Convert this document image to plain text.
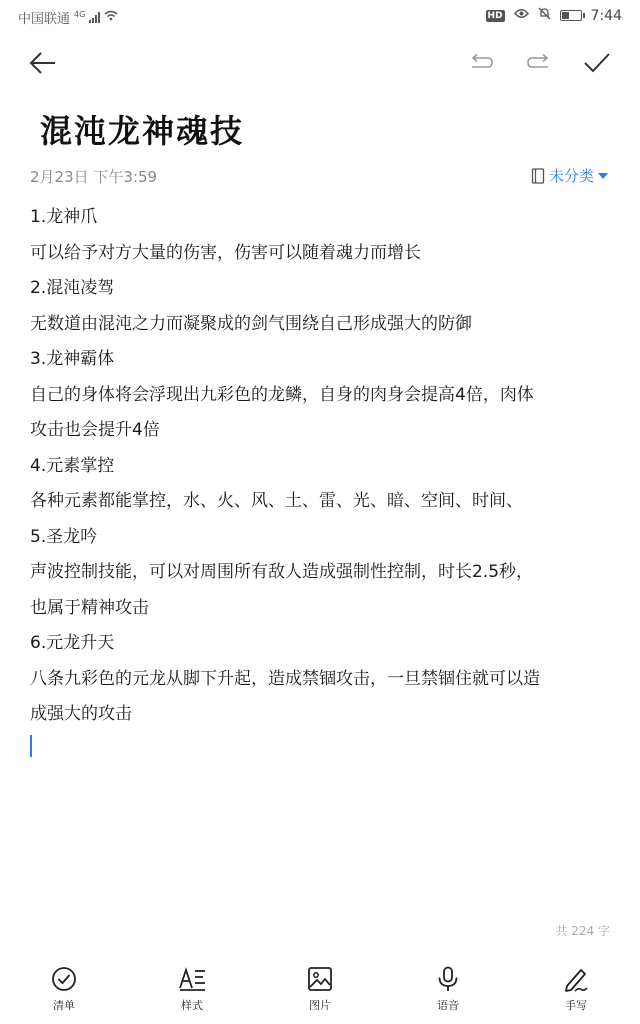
中国联通 4G	HD	7:44
混沌龙神魂技
2月23日 下午3:59	未分类
1.龙神爪
可以给予对方大量的伤害，伤害可以随着魂力而增长
2.混沌凌驾
无数道由混沌之力而凝聚成的剑气围绕自己形成强大的防御
3.龙神霸体
自己的身体将会浮现出九彩色的龙鳞，自身的肉身会提高4倍，肉体
攻击也会提升4倍
4.元素掌控
各种元素都能掌控，水、火、风、土、雷、光、暗、空间、时间、
5.圣龙吟
声波控制技能，可以对周围所有敌人造成强制性控制，时长2.5秒，
也属于精神攻击
6.元龙升天
八条九彩色的元龙从脚下升起，造成禁锢攻击，一旦禁锢住就可以造
成强大的攻击
共 224 字
清单	样式	图片	语音	手写
